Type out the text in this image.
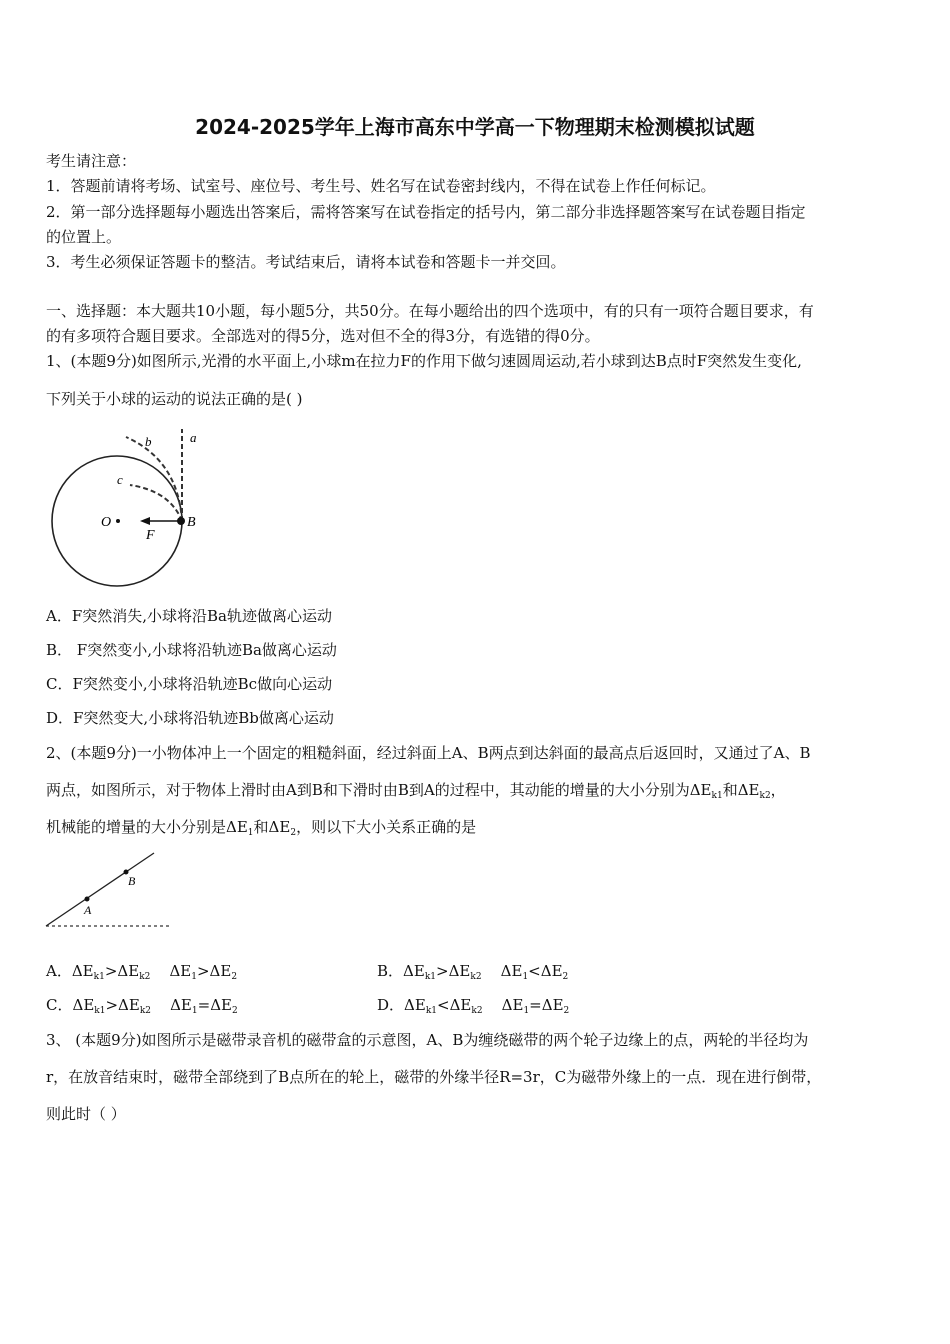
2024-2025学年上海市高东中学高一下物理期末检测模拟试题
考生请注意：
1．答题前请将考场、试室号、座位号、考生号、姓名写在试卷密封线内，不得在试卷上作任何标记。
2．第一部分选择题每小题选出答案后，需将答案写在试卷指定的括号内，第二部分非选择题答案写在试卷题目指定
的位置上。
3．考生必须保证答题卡的整洁。考试结束后，请将本试卷和答题卡一并交回。
一、选择题：本大题共10小题，每小题5分，共50分。在每小题给出的四个选项中，有的只有一项符合题目要求，有
的有多项符合题目要求。全部选对的得5分，选对但不全的得3分，有选错的得0分。
1、(本题9分)如图所示,光滑的水平面上,小球m在拉力F的作用下做匀速圆周运动,若小球到达B点时F突然发生变化,
下列关于小球的运动的说法正确的是( )
a
b
c
O
F
B
A．F突然消失,小球将沿Ba轨迹做离心运动
B． F突然变小,小球将沿轨迹Ba做离心运动
C．F突然变小,小球将沿轨迹Bc做向心运动
D．F突然变大,小球将沿轨迹Bb做离心运动
2、(本题9分)一小物体冲上一个固定的粗糙斜面，经过斜面上A、B两点到达斜面的最高点后返回时，又通过了A、B
两点，如图所示，对于物体上滑时由A到B和下滑时由B到A的过程中，其动能的增量的大小分别为$\Delta E_{k1}$和$\Delta E_{k2}$，
机械能的增量的大小分别是$\Delta E_1$和$\Delta E_2$，则以下大小关系正确的是
A
B
A．$\Delta E_{k1}>\Delta E_{k2}$ $\Delta E_1>\Delta E_2$	B．$\Delta E_{k1}>\Delta E_{k2}$ $\Delta E_1<\Delta E_2$
C．$\Delta E_{k1}>\Delta E_{k2}$ $\Delta E_1=\Delta E_2$	D．$\Delta E_{k1}<\Delta E_{k2}$ $\Delta E_1=\Delta E_2$
3、 (本题9分)如图所示是磁带录音机的磁带盒的示意图，A、B为缠绕磁带的两个轮子边缘上的点，两轮的半径均为
r，在放音结束时，磁带全部绕到了B点所在的轮上，磁带的外缘半径R=3r，C为磁带外缘上的一点．现在进行倒带，
则此时（ ）
